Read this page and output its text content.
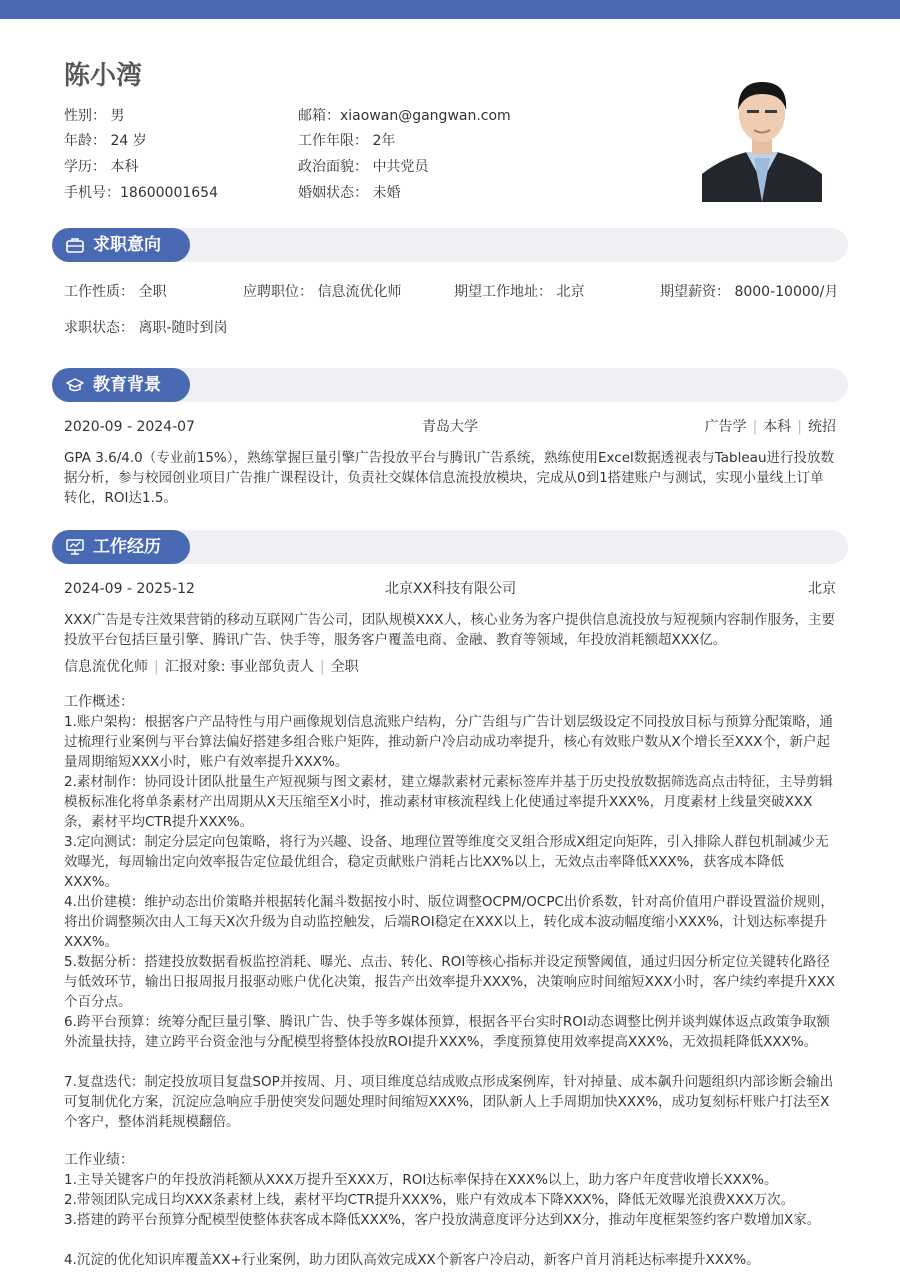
陈小湾
性别： 男
年龄： 24 岁
学历： 本科
手机号：18600001654
邮箱：xiaowan@gangwan.com
工作年限： 2年
政治面貌： 中共党员
婚姻状态： 未婚
求职意向
工作性质： 全职	应聘职位： 信息流优化师	期望工作地址： 北京	期望薪资： 8000-10000/月
求职状态： 离职-随时到岗
教育背景
2020-09 - 2024-07	青岛大学	广告学 | 本科 | 统招

GPA 3.6/4.0（专业前15%），熟练掌握巨量引擎广告投放平台与腾讯广告系统，熟练使用Excel数据透视表与Tableau进行投放数据分析，参与校园创业项目广告推广课程设计，负责社交媒体信息流投放模块，完成从0到1搭建账户与测试，实现小量线上订单转化，ROI达1.5。

工作经历
2024-09 - 2025-12	北京XX科技有限公司	北京

XXX广告是专注效果营销的移动互联网广告公司，团队规模XXX人，核心业务为客户提供信息流投放与短视频内容制作服务，主要投放平台包括巨量引擎、腾讯广告、快手等，服务客户覆盖电商、金融、教育等领域，年投放消耗额超XXX亿。

信息流优化师 | 汇报对象: 事业部负责人 | 全职
工作概述：

1.账户架构：根据客户产品特性与用户画像规划信息流账户结构，分广告组与广告计划层级设定不同投放目标与预算分配策略，通过梳理行业案例与平台算法偏好搭建多组合账户矩阵，推动新户冷启动成功率提升，核心有效账户数从X个增长至XXX个，新户起量周期缩短XXX小时，账户有效率提升XXX%。

2.素材制作：协同设计团队批量生产短视频与图文素材，建立爆款素材元素标签库并基于历史投放数据筛选高点击特征，主导剪辑模板标准化将单条素材产出周期从X天压缩至X小时，推动素材审核流程线上化使通过率提升XXX%，月度素材上线量突破XXX条，素材平均CTR提升XXX%。

3.定向测试：制定分层定向包策略，将行为兴趣、设备、地理位置等维度交叉组合形成X组定向矩阵，引入排除人群包机制减少无效曝光，每周输出定向效率报告定位最优组合，稳定贡献账户消耗占比XX%以上，无效点击率降低XXX%，获客成本降低XXX%。

4.出价建模：维护动态出价策略并根据转化漏斗数据按小时、版位调整OCPM/OCPC出价系数，针对高价值用户群设置溢价规则，将出价调整频次由人工每天X次升级为自动监控触发，后端ROI稳定在XXX以上，转化成本波动幅度缩小XXX%，计划达标率提升XXX%。

5.数据分析：搭建投放数据看板监控消耗、曝光、点击、转化、ROI等核心指标并设定预警阈值，通过归因分析定位关键转化路径与低效环节，输出日报周报月报驱动账户优化决策，报告产出效率提升XXX%，决策响应时间缩短XXX小时，客户续约率提升XXX个百分点。

6.跨平台预算：统筹分配巨量引擎、腾讯广告、快手等多媒体预算，根据各平台实时ROI动态调整比例并谈判媒体返点政策争取额外流量扶持，建立跨平台资金池与分配模型将整体投放ROI提升XXX%，季度预算使用效率提高XXX%，无效损耗降低XXX%。

7.复盘迭代：制定投放项目复盘SOP并按周、月、项目维度总结成败点形成案例库，针对掉量、成本飙升问题组织内部诊断会输出可复制优化方案，沉淀应急响应手册使突发问题处理时间缩短XXX%，团队新人上手周期加快XXX%，成功复刻标杆账户打法至X个客户，整体消耗规模翻倍。

工作业绩：

1.主导关键客户的年投放消耗额从XXX万提升至XXX万，ROI达标率保持在XXX%以上，助力客户年度营收增长XXX%。

2.带领团队完成日均XXX条素材上线，素材平均CTR提升XXX%，账户有效成本下降XXX%，降低无效曝光浪费XXX万次。

3.搭建的跨平台预算分配模型使整体获客成本降低XXX%，客户投放满意度评分达到XX分，推动年度框架签约客户数增加X家。

4.沉淀的优化知识库覆盖XX+行业案例，助力团队高效完成XX个新客户冷启动，新客户首月消耗达标率提升XXX%。
